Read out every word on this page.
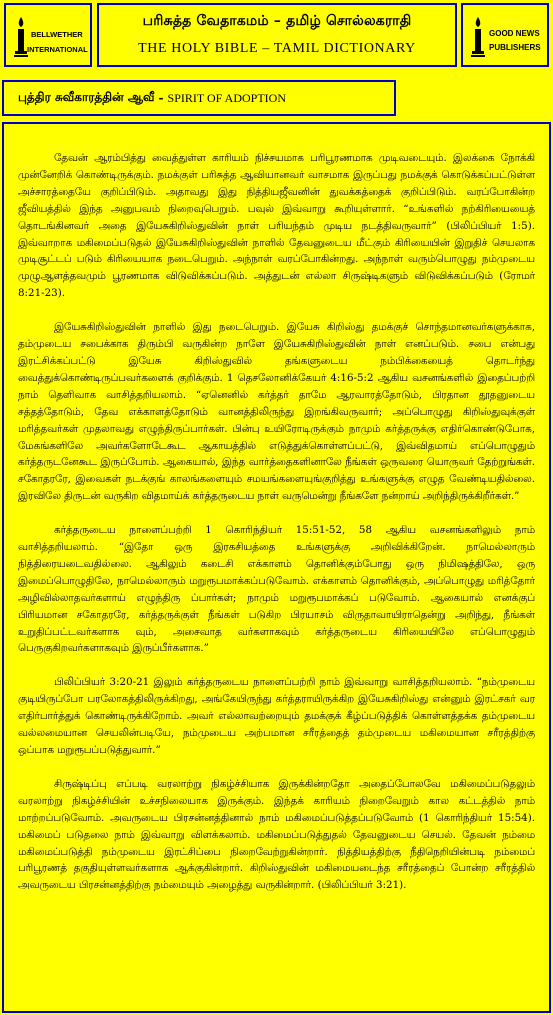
BELLWETHER
INTERNATIONAL
பரிசுத்த வேதாகமம் – தமிழ் சொல்லகராதி
THE HOLY BIBLE – TAMIL DICTIONARY
GOOD NEWS
PUBLISHERS
புத்திர சுவீகாரத்தின் ஆவீ - SPIRIT OF ADOPTION

தேவன் ஆரம்பித்து வைத்துள்ள காரியம் நிச்சயமாக பரிபூரணமாக முடிவடையும். இலக்கை நோக்கி முன்னேறிக் கொண்டிருக்கும். நமக்குள் பரிசுத்த ஆவியானவர் வாசமாக இருப்பது நமக்குக் கொடுக்கப்பட்டுள்ள அச்சாரத்தையே குறிப்பிடும். அதாவது இது நித்தியஜீவனின் துவக்கத்தைக் குறிப்பிடும். வரப்போகின்ற ஜீவியத்தில் இந்த அனுபவம் நிறைவுபெறும். பவுல் இவ்வாறு கூறியுள்ளார். “உங்களில் நற்கிரியையைத் தொடங்கினவர் அதை இயேசுகிறிஸ்துவின் நாள் பரியந்தம் முடிய நடத்திவருவார்” (பிலிப்பியர் 1:5). இவ்வாறாக மகிமைப்படுதல் இயேசுகிறிஸ்துவின் நாளில் தேவனுடைய மீட்கும் கிரியையின் இறுதிச் செயலாக முடிசூட்டப் படும் கிரியையாக நடைபெறும். அந்நாள் வரப்போகின்றது. அந்நாள் வரும்பொழுது நம்முடைய முழுஆளத்தவமும் பூரணமாக விடுவிக்கப்படும். அத்துடன் எல்லா சிருஷ்டிகளும் விடுவிக்கப்படும் (ரோமர் 8:21-23).

இயேசுகிறிஸ்துவின் நாளில் இது நடைபெறும். இயேசு கிறிஸ்து தமக்குச் சொந்தமானவர்களுக்காக, தம்முடைய சபைக்காக திரும்பி வருகின்ற நாளே இயேசுகிறிஸ்துவின் நாள் எனப்படும். சபை என்பது இரட்சிக்கப்பட்டு இயேசு கிறிஸ்துவில் தங்களுடைய நம்பிக்கையைத் தொடர்ந்து வைத்துக்கொண்டிருப்பவர்களைக் குறிக்கும். 1 தெசலோனிக்கேயர் 4:16-5:2 ஆகிய வசனங்களில் இதைப்பற்றி நாம் தெளிவாக வாசித்தறியலாம். “ஏனெனில் கர்த்தர் தாமே ஆரவாரத்தோடும், பிரதான தூதனுடைய சத்தத்தோடும், தேவ எக்காளத்தோடும் வானத்திலிருந்து இறங்கிவருவார்; அப்பொழுது கிறிஸ்துவுக்குள் மரித்தவர்கள் முதலாவது எழுந்திருப்பார்கள். பின்பு உயிரோடிருக்கும் நாமும் கர்த்தருக்கு எதிர்கொண்டுபோக, மேகங்களிலே அவர்களோடேகூட ஆகாயத்தில் எடுத்துக்கொள்ளப்பட்டு, இவ்விதமாய் எப்பொழுதும் கர்த்தருடனேகூட இருப்போம். ஆகையால், இந்த வார்த்தைகளினாலே நீங்கள் ஒருவரை யொருவர் தேற்றுங்கள். சகோதரரே, இவைகள் நடக்குங் காலங்களையும் சமயங்களையுங்குறித்து உங்களுக்கு எழுத வேண்டியதில்லை. இரவிலே திருடன் வருகிற விதமாய்க் கர்த்தருடைய நாள் வருமென்று நீங்களே நன்றாய் அறிந்திருக்கிறீர்கள்.”

கர்த்தருடைய நாளைப்பற்றி 1 கொரிந்தியர் 15:51-52, 58 ஆகிய வசனங்களிலும் நாம் வாசித்தறியலாம். “இதோ ஒரு இரகசியத்தை உங்களுக்கு அறிவிக்கிறேன். நாமெல்லாரும் நித்திரையடைவதில்லை. ஆகிலும் கடைசி எக்காளம் தொனிக்கும்போது ஒரு நிமிஷத்திலே, ஒரு இமைப்பொழுதிலே, நாமெல்லாரும் மறுரூபமாக்கப்படுவோம். எக்காளம் தொனிக்கும், அப்பொழுது மரித்தோர் அழிவில்லாதவர்களாய் எழுந்திரு ப்பார்கள்; நாமும் மறுரூபமாக்கப் படுவோம். ஆகையால் எனக்குப் பிரியமான சகோதரரே, கர்த்தருக்குள் நீங்கள் படுகிற பிரயாசம் விருதாவாயிராதென்று அறிந்து, நீங்கள் உறுதிப்பட்டவர்களாக வும், அசைவாத வர்களாகவும் கர்த்தருடைய கிரியையிலே எப்பொழுதும் பெருகுகிறவர்களாகவும் இருப்பீர்களாக.”

பிலிப்பியர் 3:20-21 இலும் கர்த்தருடைய நாளைப்பற்றி நாம் இவ்வாறு வாசித்தறியலாம். “நம்முடைய குடியிருப்போ பரலோகத்திலிருக்கிறது, அங்கேயிருந்து கர்த்தராயிருக்கிற இயேசுகிறிஸ்து என்னும் இரட்சகர் வர எதிர்பார்த்துக் கொண்டிருக்கிறோம். அவர் எல்லாவற்றையும் தமக்குக் கீழ்ப்படுத்திக் கொள்ளத்தக்க தம்முடைய வல்லமையான செயலின்படியே, நம்முடைய அற்பமான சரீரத்தைத் தம்முடைய மகிமையான சரீரத்திற்கு ஒப்பாக மறுரூபப்படுத்துவார்.”

சிருஷ்டிப்பு எப்படி வரலாற்று நிகழ்ச்சியாக இருக்கின்றதோ அதைப்போலவே மகிமைப்படுதலும் வரலாற்று நிகழ்ச்சியின் உச்சநிலையாக இருக்கும். இந்தக் காரியம் நிறைவேறும் கால கட்டத்தில் நாம் மாற்றப்படுவோம். அவருடைய பிரசன்னத்தினால் நாம் மகிமைப்படுத்தப்படுவோம் (1 கொரிந்தியர் 15:54). மகிமைப் படுதலை நாம் இவ்வாறு விளக்கலாம். மகிமைப்படுத்துதல் தேவனுடைய செயல். தேவன் நம்மை மகிமைப்படுத்தி நம்முடைய இரட்சிப்பை நிறைவேற்றுகின்றார். நித்தியத்திற்கு நீதிநெறியின்படி நம்மைப் பரிபூரணத் தகுதியுள்ளவர்களாக ஆக்குகின்றார். கிறிஸ்துவின் மகிமையடைந்த சரீரத்தைப் போன்ற சரீரத்தில் அவருடைய பிரசன்னத்திற்கு நம்மையும் அழைத்து வருகின்றார். (பிலிப்பியர் 3:21).
